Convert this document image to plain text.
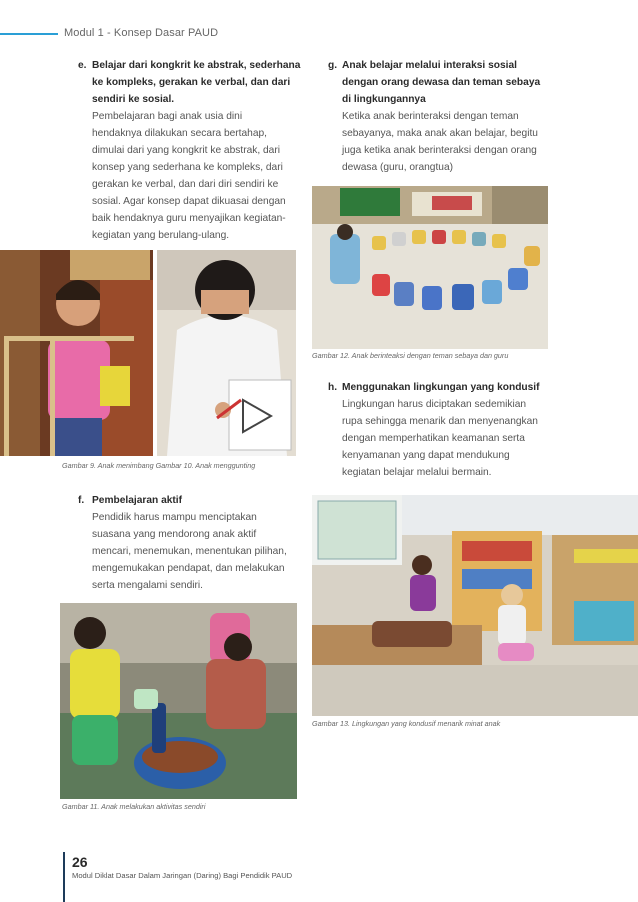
Modul 1 - Konsep Dasar PAUD
e. Belajar dari kongkrit ke abstrak, sederhana
ke kompleks, gerakan ke verbal, dan dari
sendiri ke sosial.
Pembelajaran bagi anak usia dini
hendaknya dilakukan secara bertahap,
dimulai dari yang kongkrit ke abstrak, dari
konsep yang sederhana ke kompleks, dari
gerakan ke verbal, dan dari diri sendiri ke
sosial. Agar konsep dapat dikuasai dengan
baik hendaknya guru menyajikan kegiatan-
kegiatan yang berulang-ulang.
g. Anak belajar melalui interaksi sosial
dengan orang dewasa dan teman sebaya
di lingkungannya
Ketika anak berinteraksi dengan teman
sebayanya, maka anak akan belajar, begitu
juga ketika anak berinteraksi dengan orang
dewasa (guru, orangtua)
Gambar 12. Anak berinteaksi dengan teman sebaya dan guru
Gambar 9. Anak menimbang Gambar 10. Anak menggunting
h. Menggunakan lingkungan yang kondusif
Lingkungan harus diciptakan sedemikian
rupa sehingga menarik dan menyenangkan
dengan memperhatikan keamanan serta
kenyamanan yang dapat mendukung
kegiatan belajar melalui bermain.
f. Pembelajaran aktif
Pendidik harus mampu menciptakan
suasana yang mendorong anak aktif
mencari, menemukan, menentukan pilihan,
mengemukakan pendapat, dan melakukan
serta mengalami sendiri.
Gambar 13. Lingkungan yang kondusif menarik minat anak
Gambar 11. Anak melakukan aktivitas sendiri
26
Modul Diklat Dasar Dalam Jaringan (Daring) Bagi Pendidik PAUD
